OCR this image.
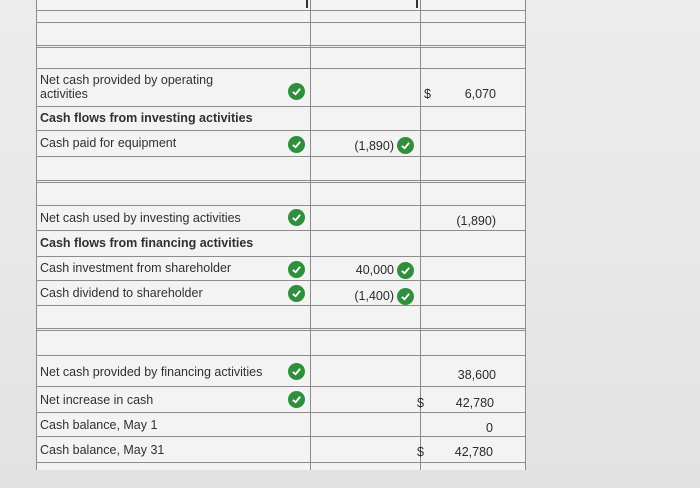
Net cash provided by operating activities	$	6,070
Cash flows from investing activities
Cash paid for equipment	(1,890)
Net cash used by investing activities	(1,890)
Cash flows from financing activities
Cash investment from shareholder	40,000
Cash dividend to shareholder	(1,400)
Net cash provided by financing activities	38,600
Net increase in cash	$	42,780
Cash balance, May 1	0
Cash balance, May 31	$	42,780
